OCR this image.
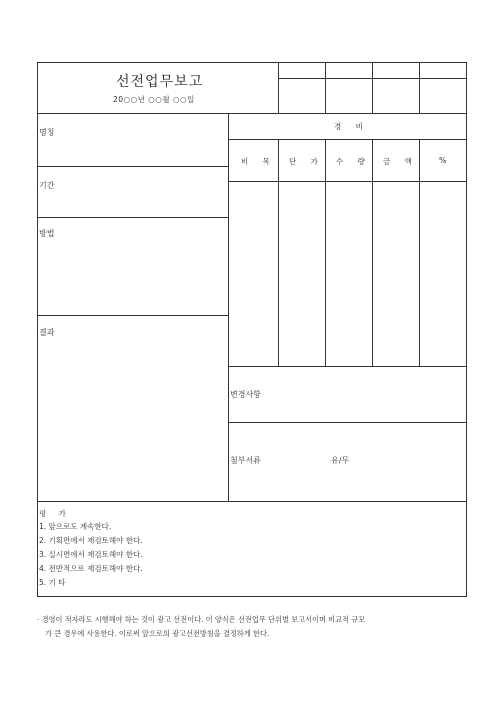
선전업무보고
20○○년 ○○월 ○○일
명칭
기간
방법
결과
경 비
비 목 단 가 수 량 금 액	%
변경사항
첨부서류	유/무
평 가
1. 앞으로도 계속한다.
2. 기획면에서 재검토해야 한다.
3. 실시면에서 재검토해야 한다.
4. 전반적으로 재검토해야 한다.
5. 기 타
· 경영이 적자라도 시행해야 하는 것이 광고 선전이다. 이 양식은 선전업무 단위별 보고서이며 비교적 규모
가 큰 경우에 사용한다. 이로써 앞으로의 광고선전방침을 결정하게 한다.
